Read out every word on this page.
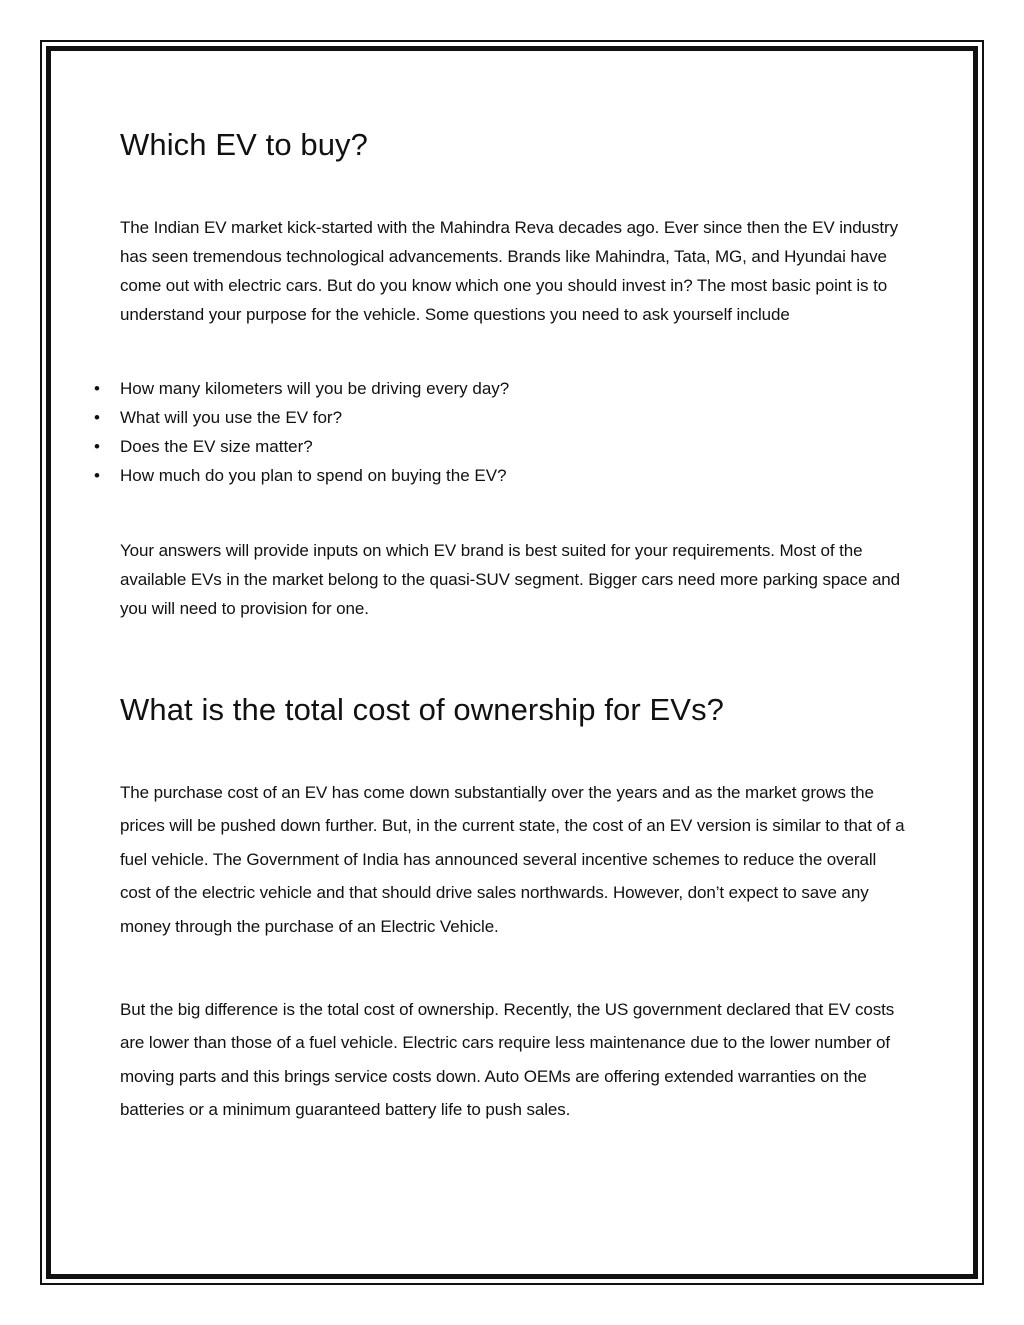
Which EV to buy?

The Indian EV market kick-started with the Mahindra Reva decades ago. Ever since then the EV industry has seen tremendous technological advancements. Brands like Mahindra, Tata, MG, and Hyundai have come out with electric cars. But do you know which one you should invest in? The most basic point is to understand your purpose for the vehicle. Some questions you need to ask yourself include

• How many kilometers will you be driving every day?
• What will you use the EV for?
• Does the EV size matter?
• How much do you plan to spend on buying the EV?

Your answers will provide inputs on which EV brand is best suited for your requirements. Most of the available EVs in the market belong to the quasi-SUV segment. Bigger cars need more parking space and you will need to provision for one.

What is the total cost of ownership for EVs?

The purchase cost of an EV has come down substantially over the years and as the market grows the prices will be pushed down further. But, in the current state, the cost of an EV version is similar to that of a fuel vehicle. The Government of India has announced several incentive schemes to reduce the overall cost of the electric vehicle and that should drive sales northwards. However, don’t expect to save any money through the purchase of an Electric Vehicle.

But the big difference is the total cost of ownership. Recently, the US government declared that EV costs are lower than those of a fuel vehicle. Electric cars require less maintenance due to the lower number of moving parts and this brings service costs down. Auto OEMs are offering extended warranties on the batteries or a minimum guaranteed battery life to push sales.
